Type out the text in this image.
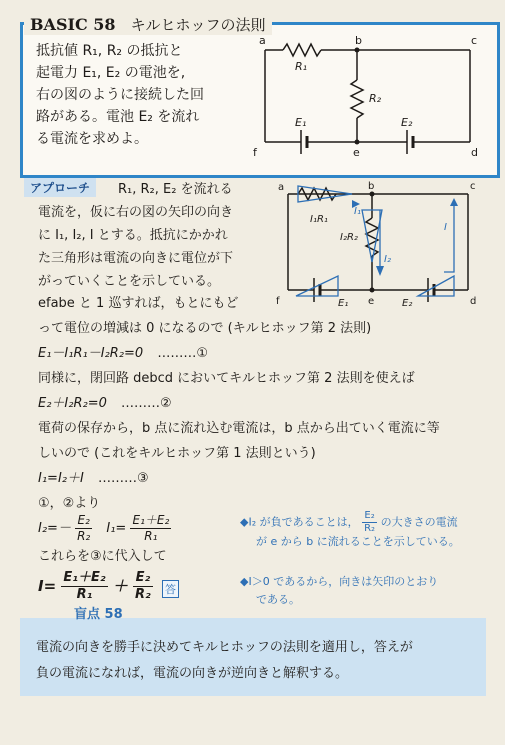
BASIC 58 キルヒホッフの法則
抵抗値 R₁, R₂ の抵抗と
起電力 E₁, E₂ の電池を,
右の図のように接続した回
路がある。電池 E₂ を流れ
る電流を求めよ。
a	b	c
d
e
f
R₁
R₂
E₁	E₂
アプローチ	R₁, R₂, E₂ を流れる
電流を，仮に右の図の矢印の向き
に I₁, I₂, I とする。抵抗にかかれ
た三角形は電流の向きに電位が下
がっていくことを示している。
a	b	c
d
e
f
I₁R₁
I₂R₂
I₁
I₂
I
E₁	E₂
efabe と 1 巡すれば，もとにもど
って電位の増減は 0 になるので (キルヒホッフ第 2 法則)
E₁－I₁R₁－I₂R₂=0 ………①
同様に，閉回路 debcd においてキルヒホッフ第 2 法則を使えば
E₂＋I₂R₂=0 ………②
電荷の保存から，b 点に流れ込む電流は，b 点から出ていく電流に等
しいので (これをキルヒホッフ第 1 法則という)
I₁=I₂＋I ………③
①，②より
$I_2=- \frac{\text{E₂}}{\text{R₂}} I_1= \frac{\text{E₁＋E₂}}{\text{R₁}}$
これらを③に代入して
$I= \frac{\text{E₁＋E₂}}{\text{R₁}} + \frac{\text{E₂}}{\text{R₂}}$ 答
◆I₂ が負であることは， $\frac{\text{E₂}}{\text{R₂}}$ の大きさの電流
が e から b に流れることを示している。
◆I＞0 であるから，向きは矢印のとおり
である。
盲点 58
電流の向きを勝手に決めてキルヒホッフの法則を適用し，答えが
負の電流になれば，電流の向きが逆向きと解釈する。
